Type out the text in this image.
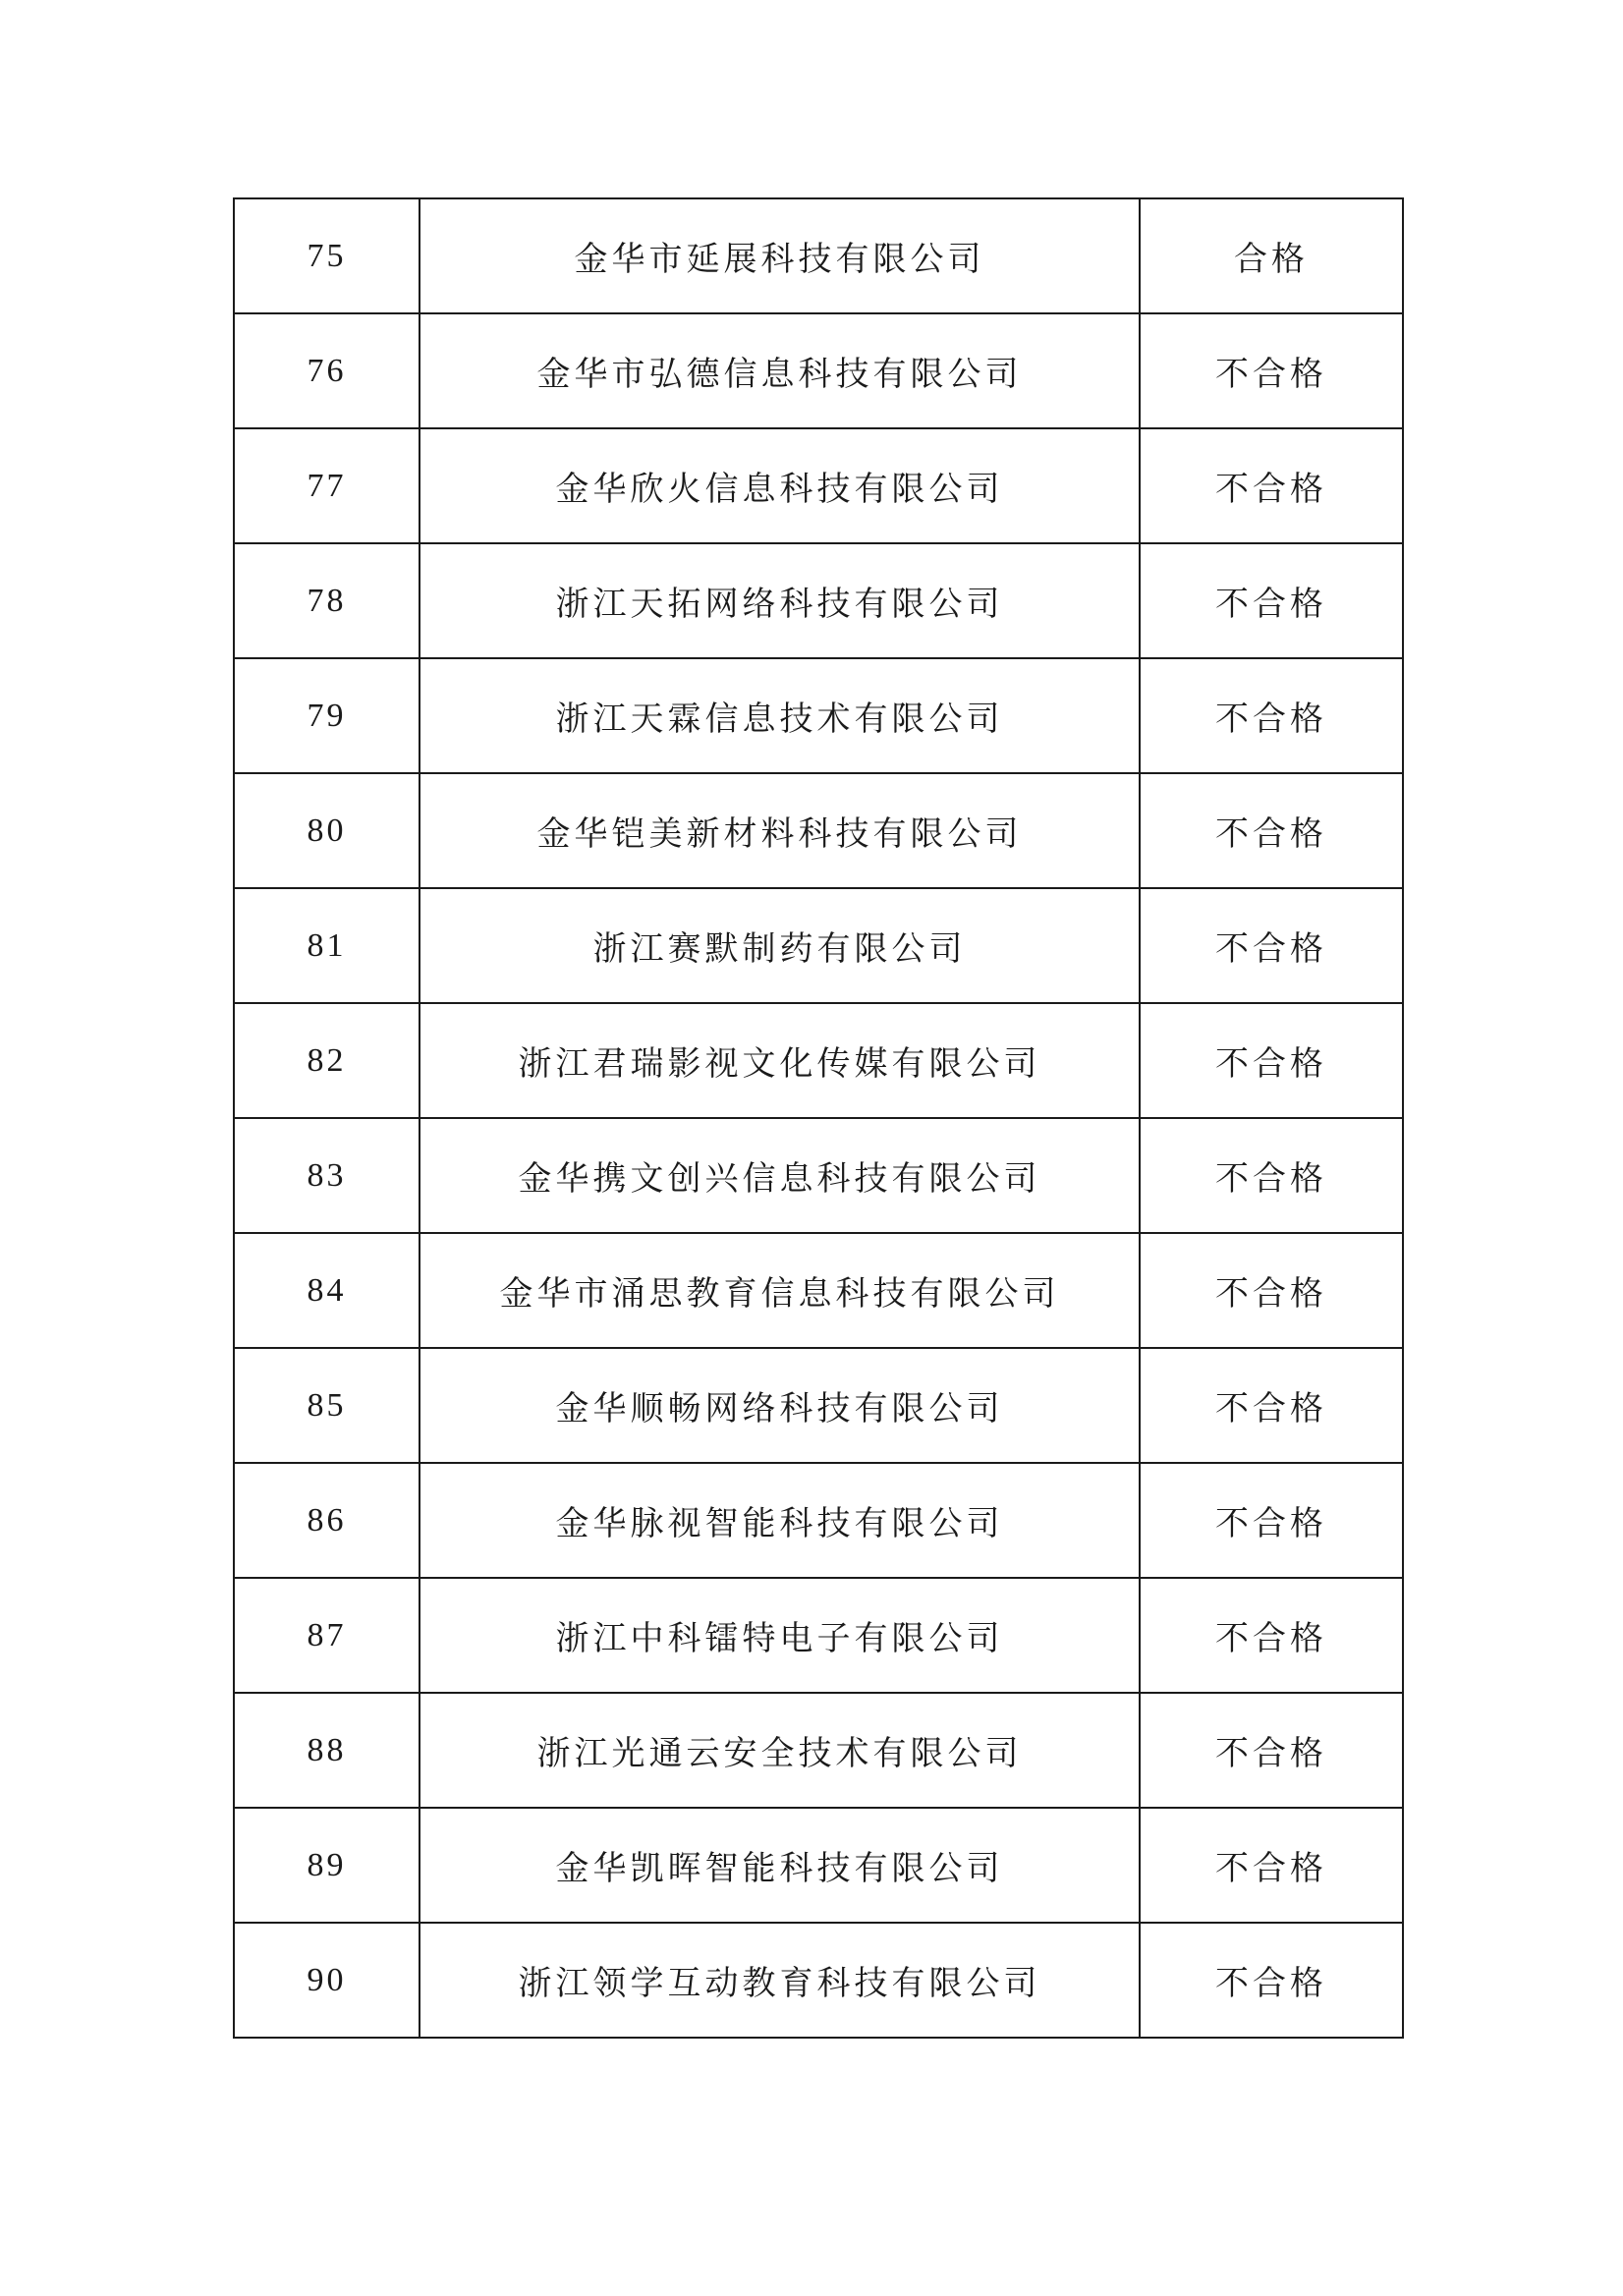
75	金华市延展科技有限公司	合格
76	金华市弘德信息科技有限公司	不合格
77	金华欣火信息科技有限公司	不合格
78	浙江天拓网络科技有限公司	不合格
79	浙江天霖信息技术有限公司	不合格
80	金华铠美新材料科技有限公司	不合格
81	浙江赛默制药有限公司	不合格
82	浙江君瑞影视文化传媒有限公司	不合格
83	金华携文创兴信息科技有限公司	不合格
84	金华市涌思教育信息科技有限公司	不合格
85	金华顺畅网络科技有限公司	不合格
86	金华脉视智能科技有限公司	不合格
87	浙江中科镭特电子有限公司	不合格
88	浙江光通云安全技术有限公司	不合格
89	金华凯晖智能科技有限公司	不合格
90	浙江领学互动教育科技有限公司	不合格
